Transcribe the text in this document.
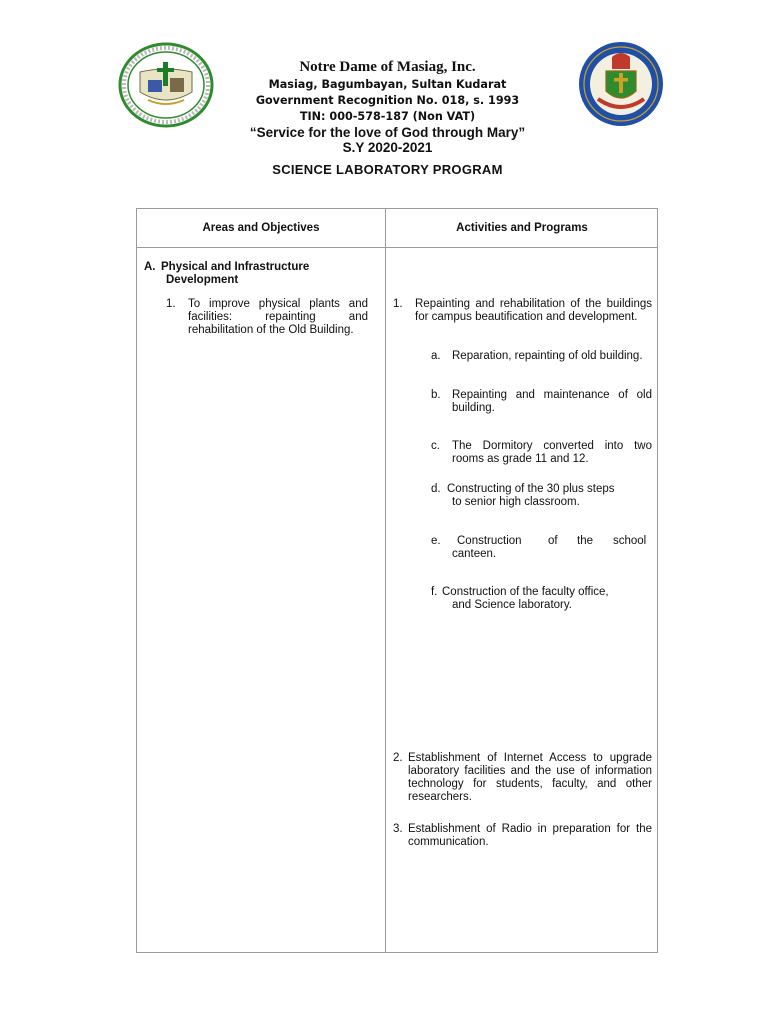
Notre Dame of Masiag, Inc.
Masiag, Bagumbayan, Sultan Kudarat
Government Recognition No. 018, s. 1993
TIN: 000-578-187 (Non VAT)
“Service for the love of God through Mary”
S.Y 2020-2021
SCIENCE LABORATORY PROGRAM
Areas and Objectives	Activities and Programs
A. Physical and Infrastructure
Development
1. To improve physical plants and facilities: repainting and rehabilitation of the Old Building.
1. Repainting and rehabilitation of the buildings for campus beautification and development.
a. Reparation, repainting of old building.
b. Repainting and maintenance of old building.
c. The Dormitory converted into two rooms as grade 11 and 12.
d. Constructing of the 30 plus steps
to senior high classroom.
e. Construction of the school
canteen.
f. Construction of the faculty office,
and Science laboratory.
2. Establishment of Internet Access to upgrade laboratory facilities and the use of information technology for students, faculty, and other researchers.
3. Establishment of Radio in preparation for the communication.
